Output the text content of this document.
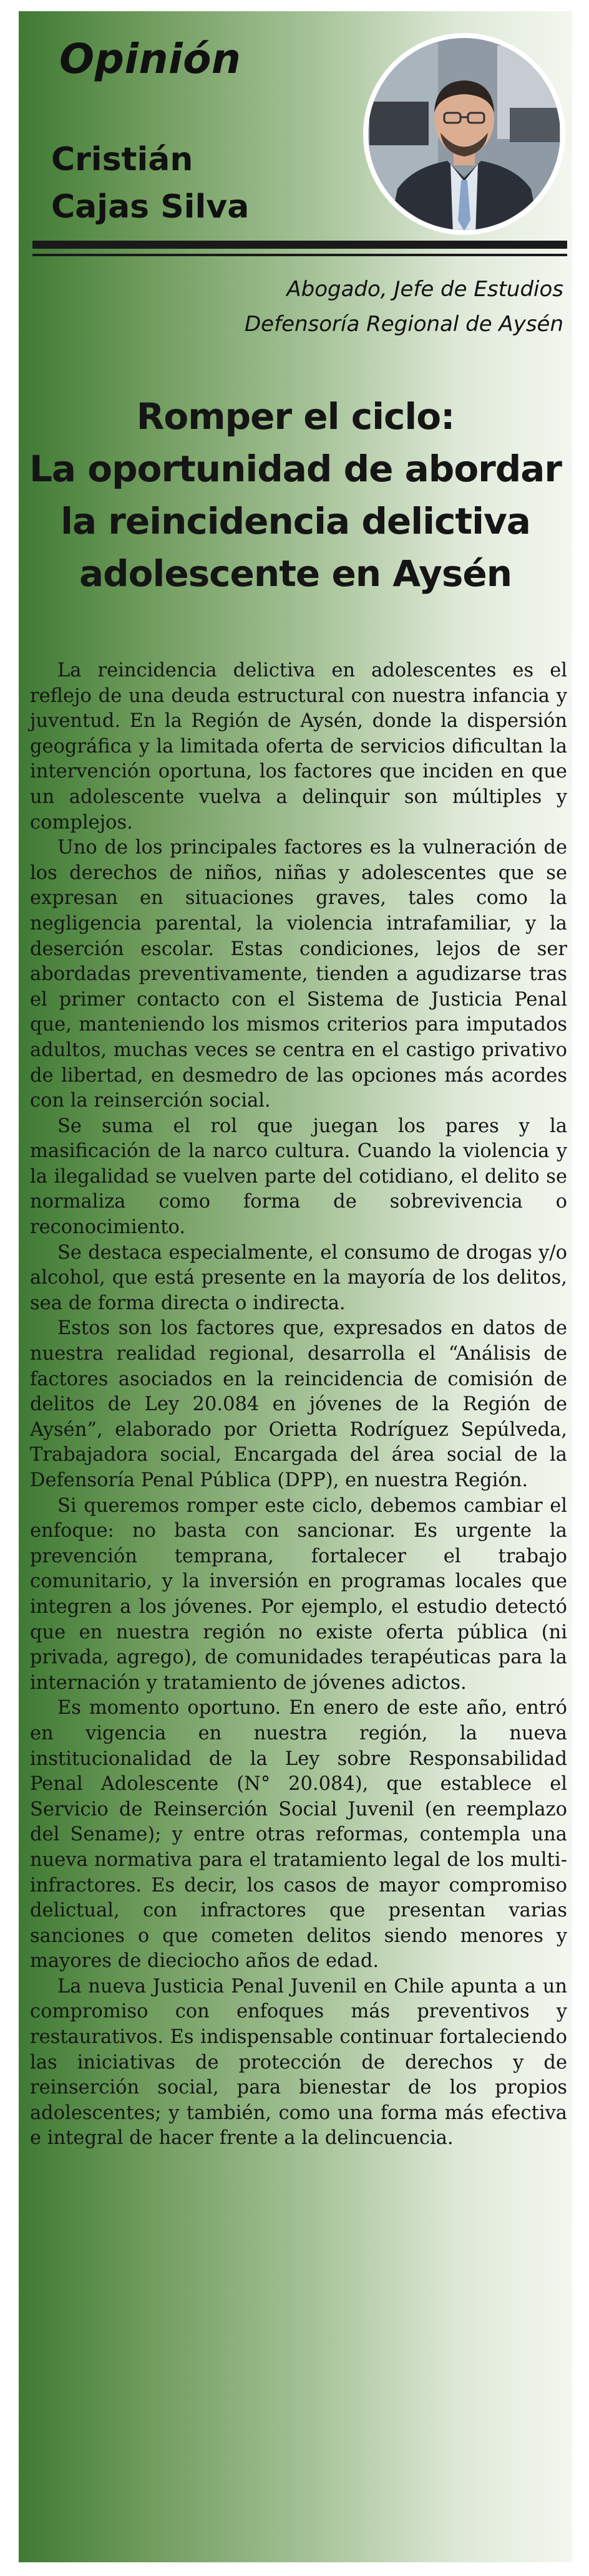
Opinión
Cristián
Cajas Silva
Abogado, Jefe de Estudios
Defensoría Regional de Aysén
Romper el ciclo:
La oportunidad de abordar
la reincidencia delictiva
adolescente en Aysén

La reincidencia delictiva en adolescentes es el reflejo de una deuda estructural con nuestra infancia y juventud. En la Región de Aysén, donde la dispersión geográfica y la limitada oferta de servicios dificultan la intervención oportuna, los factores que inciden en que un adolescente vuelva a delinquir son múltiples y complejos.

Uno de los principales factores es la vulneración de los derechos de niños, niñas y adolescentes que se expresan en situaciones graves, tales como la negligencia parental, la violencia intrafamiliar, y la deserción escolar. Estas condiciones, lejos de ser abordadas preventivamente, tienden a agudizarse tras el primer contacto con el Sistema de Justicia Penal que, manteniendo los mismos criterios para imputados adultos, muchas veces se centra en el castigo privativo de libertad, en desmedro de las opciones más acordes con la reinserción social.

Se suma el rol que juegan los pares y la masificación de la narco cultura. Cuando la violencia y la ilegalidad se vuelven parte del cotidiano, el delito se normaliza como forma de sobrevivencia o reconocimiento.

Se destaca especialmente, el consumo de drogas y/o alcohol, que está presente en la mayoría de los delitos, sea de forma directa o indirecta.

Estos son los factores que, expresados en datos de nuestra realidad regional, desarrolla el “Análisis de factores asociados en la reincidencia de comisión de delitos de Ley 20.084 en jóvenes de la Región de Aysén”, elaborado por Orietta Rodríguez Sepúlveda, Trabajadora social, Encargada del área social de la Defensoría Penal Pública (DPP), en nuestra Región.

Si queremos romper este ciclo, debemos cambiar el enfoque: no basta con sancionar. Es urgente la prevención temprana, fortalecer el trabajo comunitario, y la inversión en programas locales que integren a los jóvenes. Por ejemplo, el estudio detectó que en nuestra región no existe oferta pública (ni privada, agrego), de comunidades terapéuticas para la internación y tratamiento de jóvenes adictos.

Es momento oportuno. En enero de este año, entró en vigencia en nuestra región, la nueva institucionalidad de la Ley sobre Responsabilidad Penal Adolescente (N° 20.084), que establece el Servicio de Reinserción Social Juvenil (en reemplazo del Sename); y entre otras reformas, contempla una nueva normativa para el tratamiento legal de los multi-infractores. Es decir, los casos de mayor compromiso delictual, con infractores que presentan varias sanciones o que cometen delitos siendo menores y mayores de dieciocho años de edad.

La nueva Justicia Penal Juvenil en Chile apunta a un compromiso con enfoques más preventivos y restaurativos. Es indispensable continuar fortaleciendo las iniciativas de protección de derechos y de reinserción social, para bienestar de los propios adolescentes; y también, como una forma más efectiva e integral de hacer frente a la delincuencia.
